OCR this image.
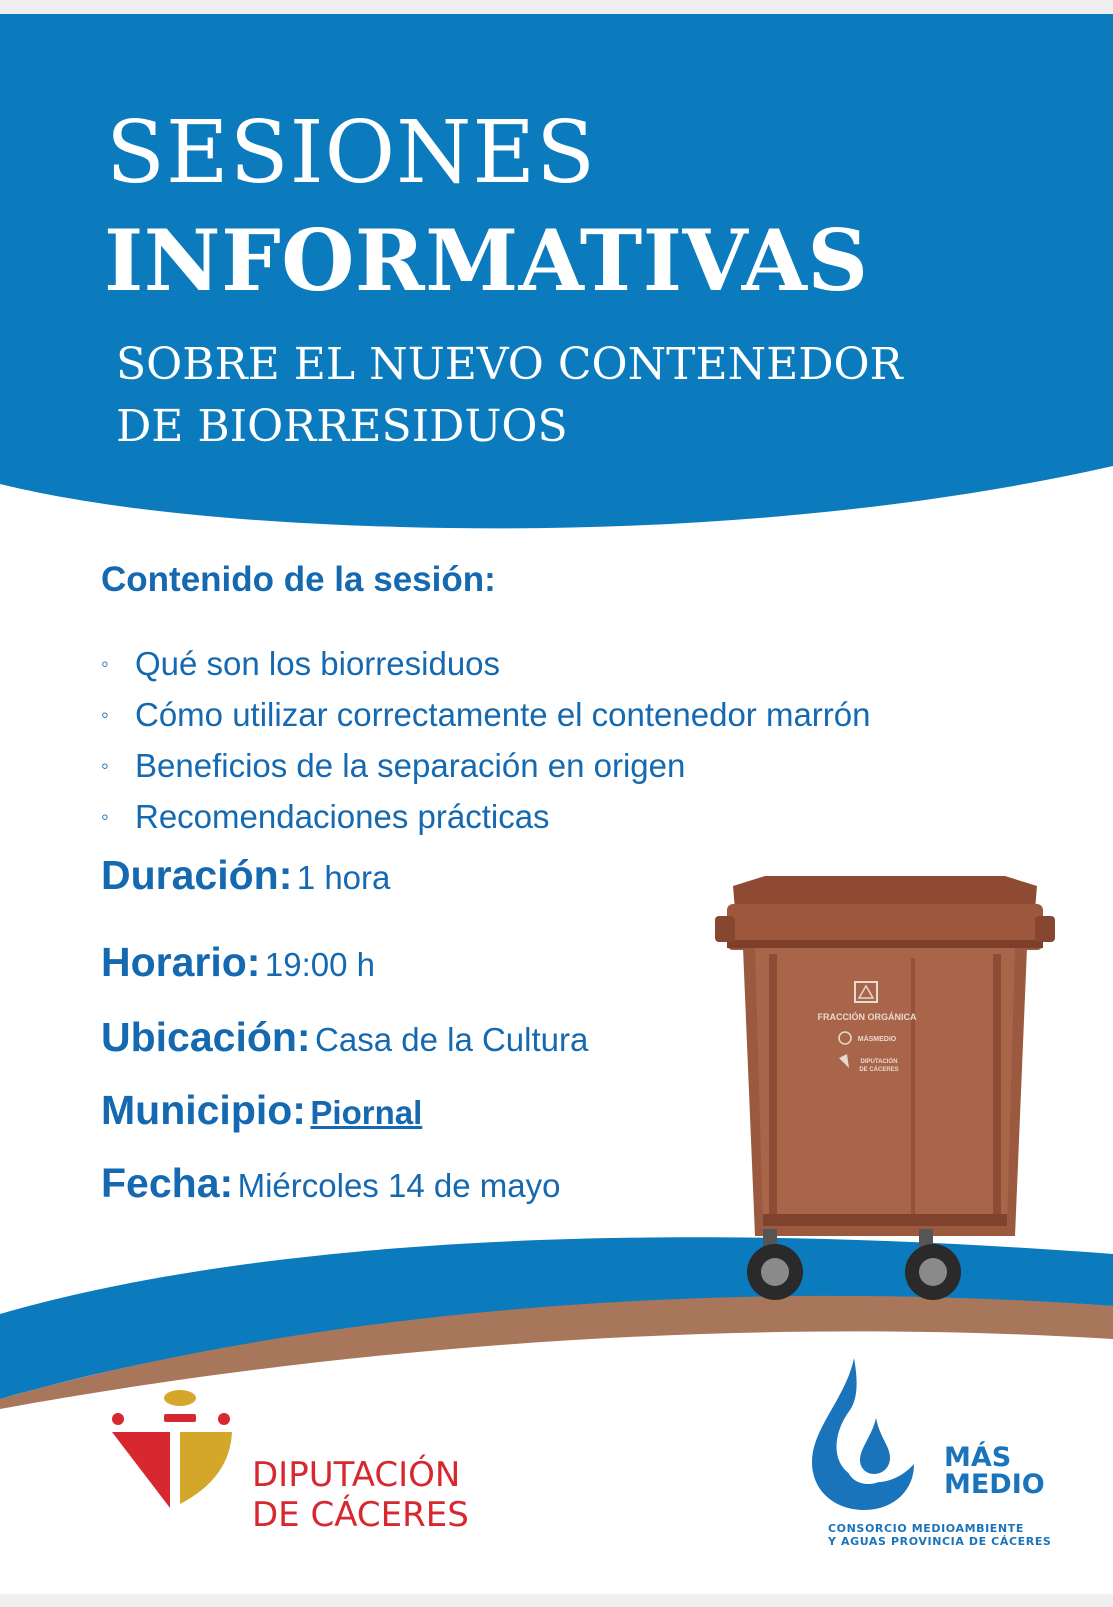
SESIONES
INFORMATIVAS
SOBRE EL NUEVO CONTENEDOR
DE BIORRESIDUOS
Contenido de la sesión:
◦ Qué son los biorresiduos
◦ Cómo utilizar correctamente el contenedor marrón
◦ Beneficios de la separación en origen
◦ Recomendaciones prácticas

Duración: 1 hora

Horario: 19:00 h

Ubicación: Casa de la Cultura

Municipio: Piornal

Fecha: Miércoles 14 de mayo

FRACCIÓN ORGÁNICA
MÁSMEDIO
DIPUTACIÓN
DE CÁCERES

DIPUTACIÓN
DE CÁCERES

MÁS
MEDIO

CONSORCIO MEDIOAMBIENTE
Y AGUAS PROVINCIA DE CÁCERES
